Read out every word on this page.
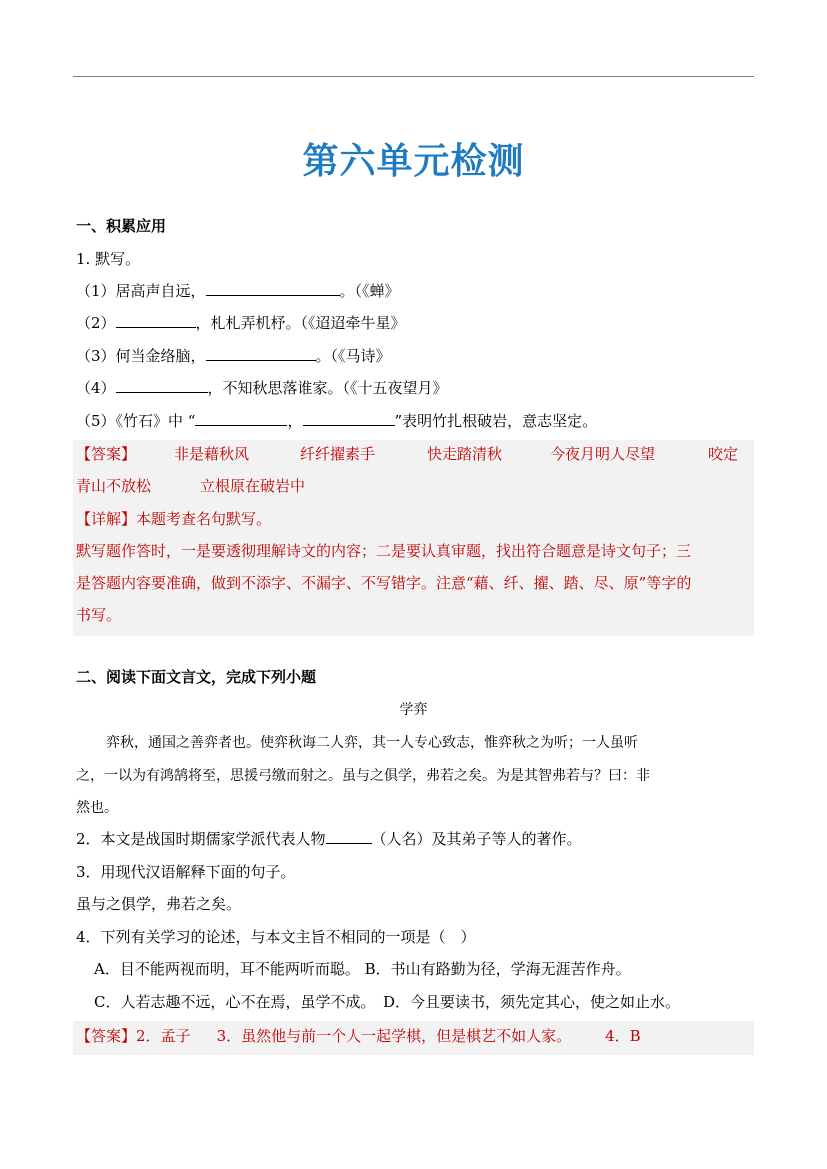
第六单元检测
一、积累应用
1. 默写。
（1）居高声自远，	。（《蝉》
（2）	，札札弄机杼。（《迢迢牵牛星》
（3）何当金络脑，	。（《马诗》
（4）	，不知秋思落谁家。（《十五夜望月》
（5）《竹石》中 “	，	”表明竹扎根破岩，意志坚定。
【答案】	非是藉秋风	纤纤擢素手	快走踏清秋	今夜月明人尽望	咬定
青山不放松	立根原在破岩中
【详解】本题考查名句默写。
默写题作答时，一是要透彻理解诗文的内容；二是要认真审题，找出符合题意是诗文句子；三
是答题内容要准确，做到不添字、不漏字、不写错字。注意“藉、纤、擢、踏、尽、原”等字的
书写。
二、阅读下面文言文，完成下列小题
学弈
弈秋，通国之善弈者也。使弈秋诲二人弈，其一人专心致志，惟弈秋之为听；一人虽听
之，一以为有鸿鹄将至，思援弓缴而射之。虽与之俱学，弗若之矣。为是其智弗若与？曰：非
然也。
2．本文是战国时期儒家学派代表人物	（人名）及其弟子等人的著作。
3．用现代汉语解释下面的句子。
虽与之俱学，弗若之矣。
4．下列有关学习的论述，与本文主旨不相同的一项是（　）
A．目不能两视而明，耳不能两听而聪。 B．书山有路勤为径，学海无涯苦作舟。
C．人若志趣不远，心不在焉，虽学不成。　D．今且要读书，须先定其心，使之如止水。
【答案】2．孟子 3．虽然他与前一个人一起学棋，但是棋艺不如人家。 4．B
